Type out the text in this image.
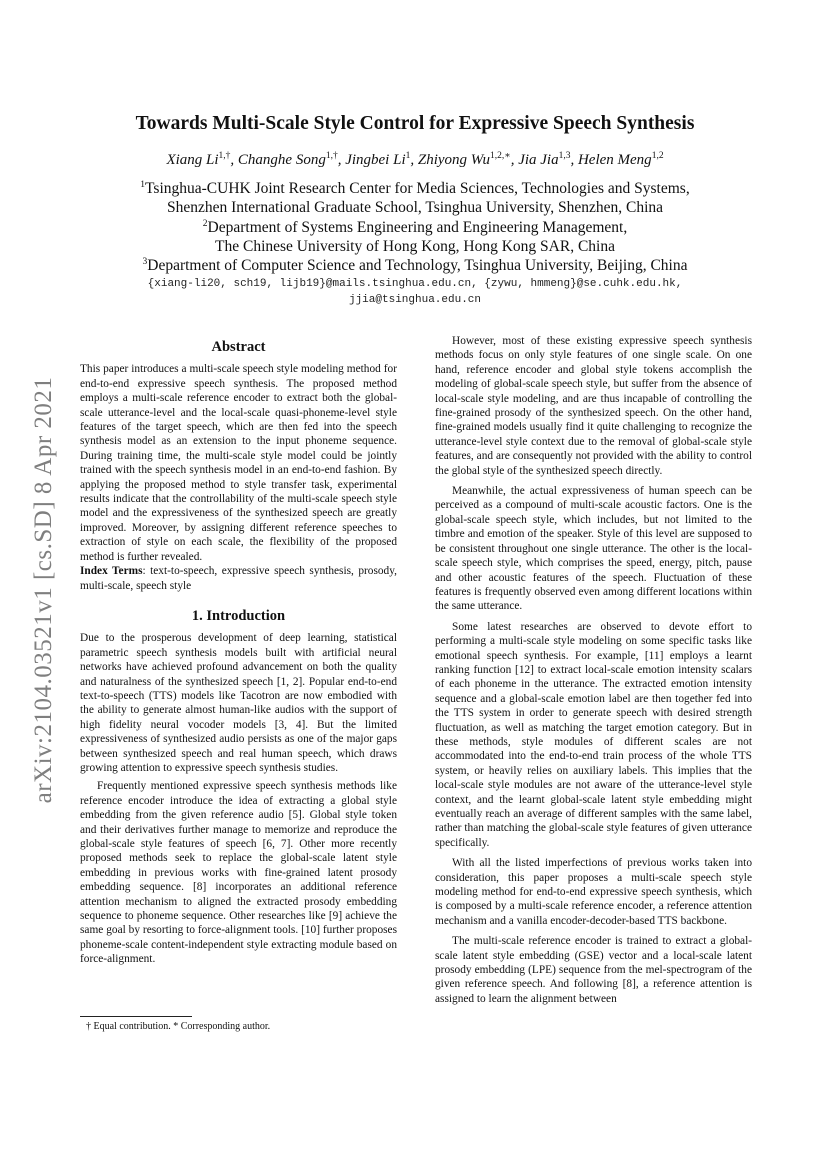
arXiv:2104.03521v1 [cs.SD] 8 Apr 2021
Towards Multi-Scale Style Control for Expressive Speech Synthesis
Xiang $Li^{1,\dagger}$, Changhe Song$^{1,\dagger}$, Jingbei Li$^1$, Zhiyong $Wu^{1,2,∗}$, Jia Jia$^{1,3}$, Helen Meng$^{1,2}$
$^1$Tsinghua-CUHK Joint Research Center for Media Sciences, Technologies and Systems,
Shenzhen International Graduate School, Tsinghua University, Shenzhen, China
$^2$Department of Systems Engineering and Engineering Management,
The Chinese University of Hong Kong, Hong Kong SAR, China
$^3$Department of Computer Science and Technology, Tsinghua University, Beijing, China
{xiang-li20, sch19, lijb19}@mails.tsinghua.edu.cn, {zywu, hmmeng}@se.cuhk.edu.hk,
jjia@tsinghua.edu.cn
Abstract

This paper introduces a multi-scale speech style modeling method for end-to-end expressive speech synthesis. The proposed method employs a multi-scale reference encoder to extract both the global-scale utterance-level and the local-scale quasi-phoneme-level style features of the target speech, which are then fed into the speech synthesis model as an extension to the input phoneme sequence. During training time, the multi-scale style model could be jointly trained with the speech synthesis model in an end-to-end fashion. By applying the proposed method to style transfer task, experimental results indicate that the controllability of the multi-scale speech style model and the expressiveness of the synthesized speech are greatly improved. Moreover, by assigning different reference speeches to extraction of style on each scale, the flexibility of the proposed method is further revealed.

Index Terms: text-to-speech, expressive speech synthesis, prosody, multi-scale, speech style

1. Introduction

Due to the prosperous development of deep learning, statistical parametric speech synthesis models built with artificial neural networks have achieved profound advancement on both the quality and naturalness of the synthesized speech [1, 2]. Popular end-to-end text-to-speech (TTS) models like Tacotron are now embodied with the ability to generate almost human-like audios with the support of high fidelity neural vocoder models [3, 4]. But the limited expressiveness of synthesized audio persists as one of the major gaps between synthesized speech and real human speech, which draws growing attention to expressive speech synthesis studies.

Frequently mentioned expressive speech synthesis methods like reference encoder introduce the idea of extracting a global style embedding from the given reference audio [5]. Global style token and their derivatives further manage to memorize and reproduce the global-scale style features of speech [6, 7]. Other more recently proposed methods seek to replace the global-scale latent style embedding in previous works with fine-grained latent prosody embedding sequence. [8] incorporates an additional reference attention mechanism to aligned the extracted prosody embedding sequence to phoneme sequence. Other researches like [9] achieve the same goal by resorting to force-alignment tools. [10] further proposes phoneme-scale content-independent style extracting module based on force-alignment.

† Equal contribution. * Corresponding author.

However, most of these existing expressive speech synthesis methods focus on only style features of one single scale. On one hand, reference encoder and global style tokens accomplish the modeling of global-scale speech style, but suffer from the absence of local-scale style modeling, and are thus incapable of controlling the fine-grained prosody of the synthesized speech. On the other hand, fine-grained models usually find it quite challenging to recognize the utterance-level style context due to the removal of global-scale style features, and are consequently not provided with the ability to control the global style of the synthesized speech directly.

Meanwhile, the actual expressiveness of human speech can be perceived as a compound of multi-scale acoustic factors. One is the global-scale speech style, which includes, but not limited to the timbre and emotion of the speaker. Style of this level are supposed to be consistent throughout one single utterance. The other is the local-scale speech style, which comprises the speed, energy, pitch, pause and other acoustic features of the speech. Fluctuation of these features is frequently observed even among different locations within the same utterance.

Some latest researches are observed to devote effort to performing a multi-scale style modeling on some specific tasks like emotional speech synthesis. For example, [11] employs a learnt ranking function [12] to extract local-scale emotion intensity scalars of each phoneme in the utterance. The extracted emotion intensity sequence and a global-scale emotion label are then together fed into the TTS system in order to generate speech with desired strength fluctuation, as well as matching the target emotion category. But in these methods, style modules of different scales are not accommodated into the end-to-end train process of the whole TTS system, or heavily relies on auxiliary labels. This implies that the local-scale style modules are not aware of the utterance-level style context, and the learnt global-scale latent style embedding might eventually reach an average of different samples with the same label, rather than matching the global-scale style features of given utterance specifically.

With all the listed imperfections of previous works taken into consideration, this paper proposes a multi-scale speech style modeling method for end-to-end expressive speech synthesis, which is composed by a multi-scale reference encoder, a reference attention mechanism and a vanilla encoder-decoder-based TTS backbone.

The multi-scale reference encoder is trained to extract a global-scale latent style embedding (GSE) vector and a local-scale latent prosody embedding (LPE) sequence from the mel-spectrogram of the given reference speech. And following [8], a reference attention is assigned to learn the alignment between
